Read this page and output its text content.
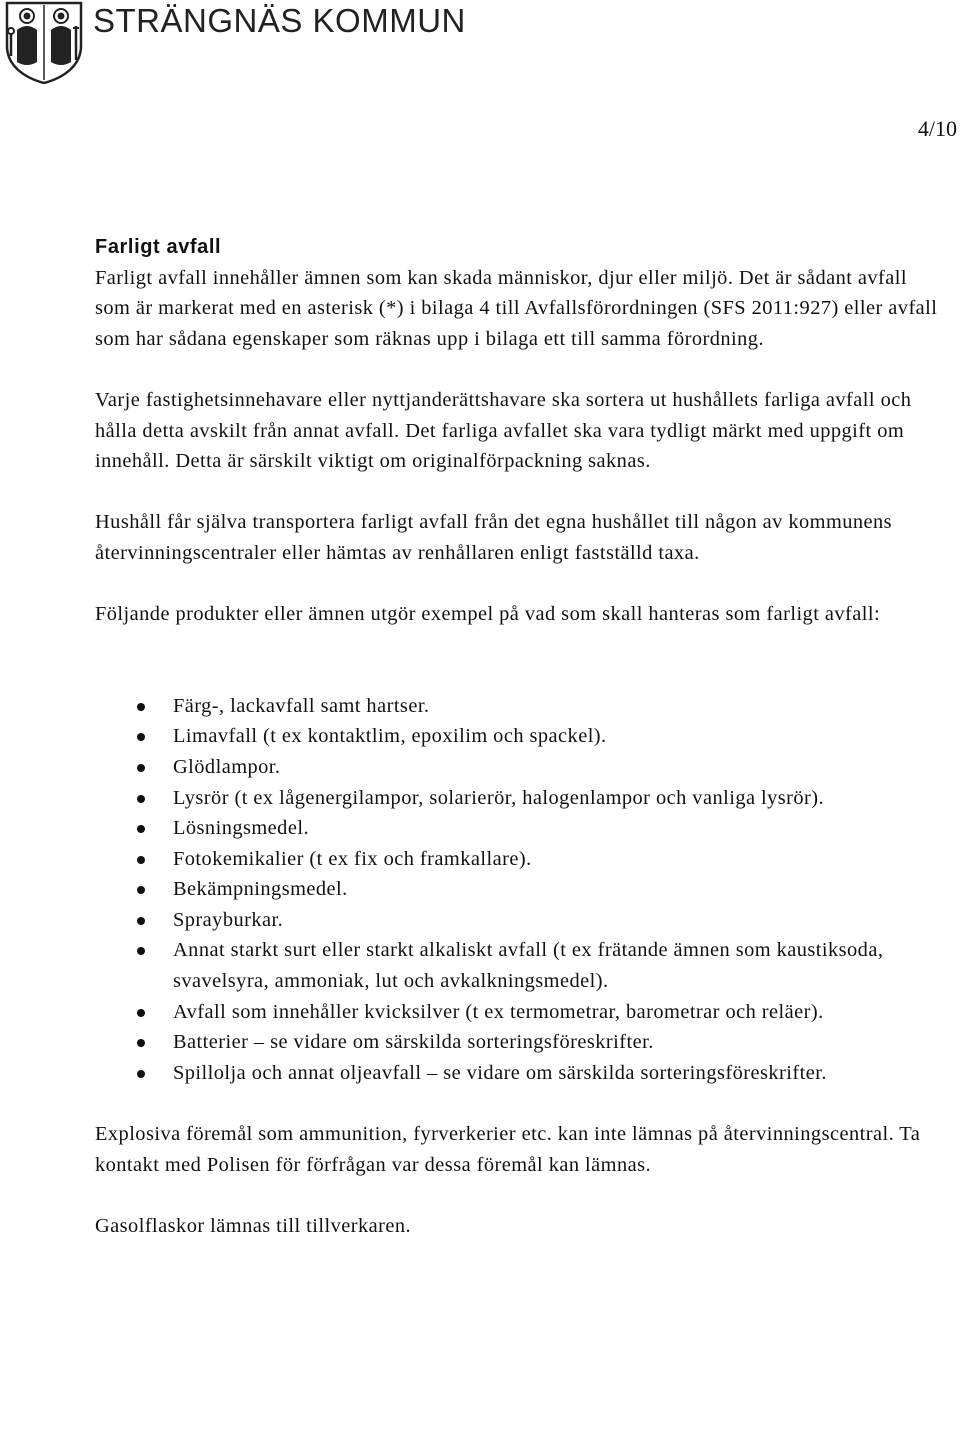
STRÄNGNÄS KOMMUN
4/10
Farligt avfall

Farligt avfall innehåller ämnen som kan skada människor, djur eller miljö. Det är sådant avfall som är markerat med en asterisk (*) i bilaga 4 till Avfallsförordningen (SFS 2011:927) eller avfall som har sådana egenskaper som räknas upp i bilaga ett till samma förordning.

Varje fastighetsinnehavare eller nyttjanderättshavare ska sortera ut hushållets farliga avfall och hålla detta avskilt från annat avfall. Det farliga avfallet ska vara tydligt märkt med uppgift om innehåll. Detta är särskilt viktigt om originalförpackning saknas.

Hushåll får själva transportera farligt avfall från det egna hushållet till någon av kommunens återvinningscentraler eller hämtas av renhållaren enligt fastställd taxa.

Följande produkter eller ämnen utgör exempel på vad som skall hanteras som farligt avfall:

Färg-, lackavfall samt hartser.
Limavfall (t ex kontaktlim, epoxilim och spackel).
Glödlampor.
Lysrör (t ex lågenergilampor, solarierör, halogenlampor och vanliga lysrör).
Lösningsmedel.
Fotokemikalier (t ex fix och framkallare).
Bekämpningsmedel.
Sprayburkar.
Annat starkt surt eller starkt alkaliskt avfall (t ex frätande ämnen som kaustiksoda, svavelsyra, ammoniak, lut och avkalkningsmedel).
Avfall som innehåller kvicksilver (t ex termometrar, barometrar och reläer).
Batterier – se vidare om särskilda sorteringsföreskrifter.
Spillolja och annat oljeavfall – se vidare om särskilda sorteringsföreskrifter.

Explosiva föremål som ammunition, fyrverkerier etc. kan inte lämnas på återvinningscentral. Ta kontakt med Polisen för förfrågan var dessa föremål kan lämnas.

Gasolflaskor lämnas till tillverkaren.
